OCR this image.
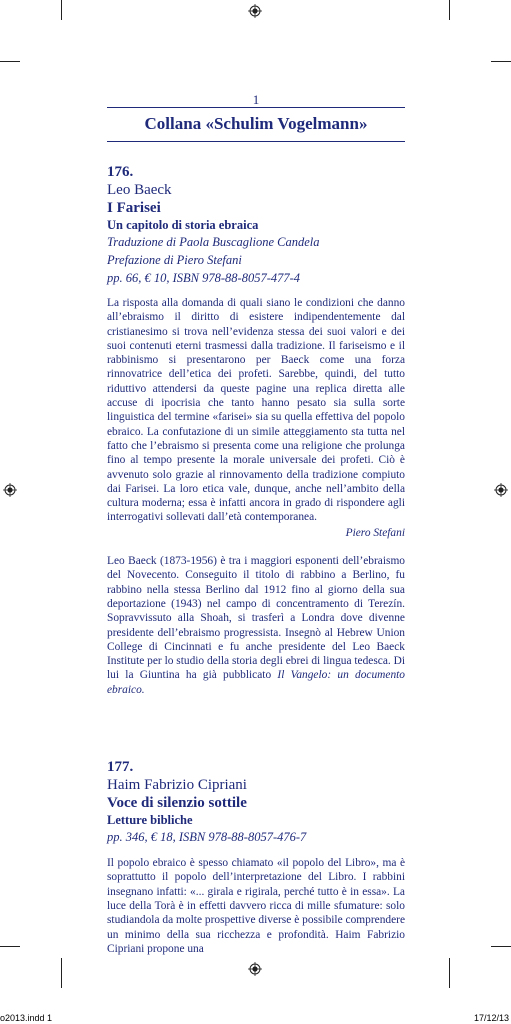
1
Collana «Schulim Vogelmann»
176.
Leo Baeck
I Farisei
Un capitolo di storia ebraica
Traduzione di Paola Buscaglione Candela
Prefazione di Piero Stefani
pp. 66, € 10, ISBN 978-88-8057-477-4

La risposta alla domanda di quali siano le condizioni che danno all’ebraismo il diritto di esistere indipendentemente dal cristianesimo si trova nell’evidenza stessa dei suoi valori e dei suoi contenuti eterni trasmessi dalla tradizione. Il fariseismo e il rabbinismo si presentarono per Baeck come una forza rinnovatrice dell’etica dei profeti. Sarebbe, quindi, del tutto riduttivo attendersi da queste pagine una replica diretta alle accuse di ipocrisia che tanto hanno pesato sia sulla sorte linguistica del termine «farisei» sia su quella effettiva del popolo ebraico. La confutazione di un simile atteggiamento sta tutta nel fatto che l’ebraismo si presenta come una religione che prolunga fino al tempo presente la morale universale dei profeti. Ciò è avvenuto solo grazie al rinnovamento della tradizione compiuto dai Farisei. La loro etica vale, dunque, anche nell’ambito della cultura moderna; essa è infatti ancora in grado di rispondere agli interrogativi sollevati dall’età contemporanea.

Piero Stefani

Leo Baeck (1873-1956) è tra i maggiori esponenti dell’ebraismo del Novecento. Conseguito il titolo di rabbino a Berlino, fu rabbino nella stessa Berlino dal 1912 fino al giorno della sua deportazione (1943) nel campo di concentramento di Terezín. Sopravvissuto alla Shoah, si trasferì a Londra dove divenne presidente dell’ebraismo progressista. Insegnò al Hebrew Union College di Cincinnati e fu anche presidente del Leo Baeck Institute per lo studio della storia degli ebrei di lingua tedesca. Di lui la Giuntina ha già pubblicato Il Vangelo: un documento ebraico.

177.
Haim Fabrizio Cipriani
Voce di silenzio sottile
Letture bibliche
pp. 346, € 18, ISBN 978-88-8057-476-7

Il popolo ebraico è spesso chiamato «il popolo del Libro», ma è soprattutto il popolo dell’interpretazione del Libro. I rabbini insegnano infatti: «... girala e rigirala, perché tutto è in essa». La luce della Torà è in effetti davvero ricca di mille sfumature: solo studiandola da molte prospettive diverse è possibile comprendere un minimo della sua ricchezza e profondità. Haim Fabrizio Cipriani propone una

o2013.indd 1	17/12/13
